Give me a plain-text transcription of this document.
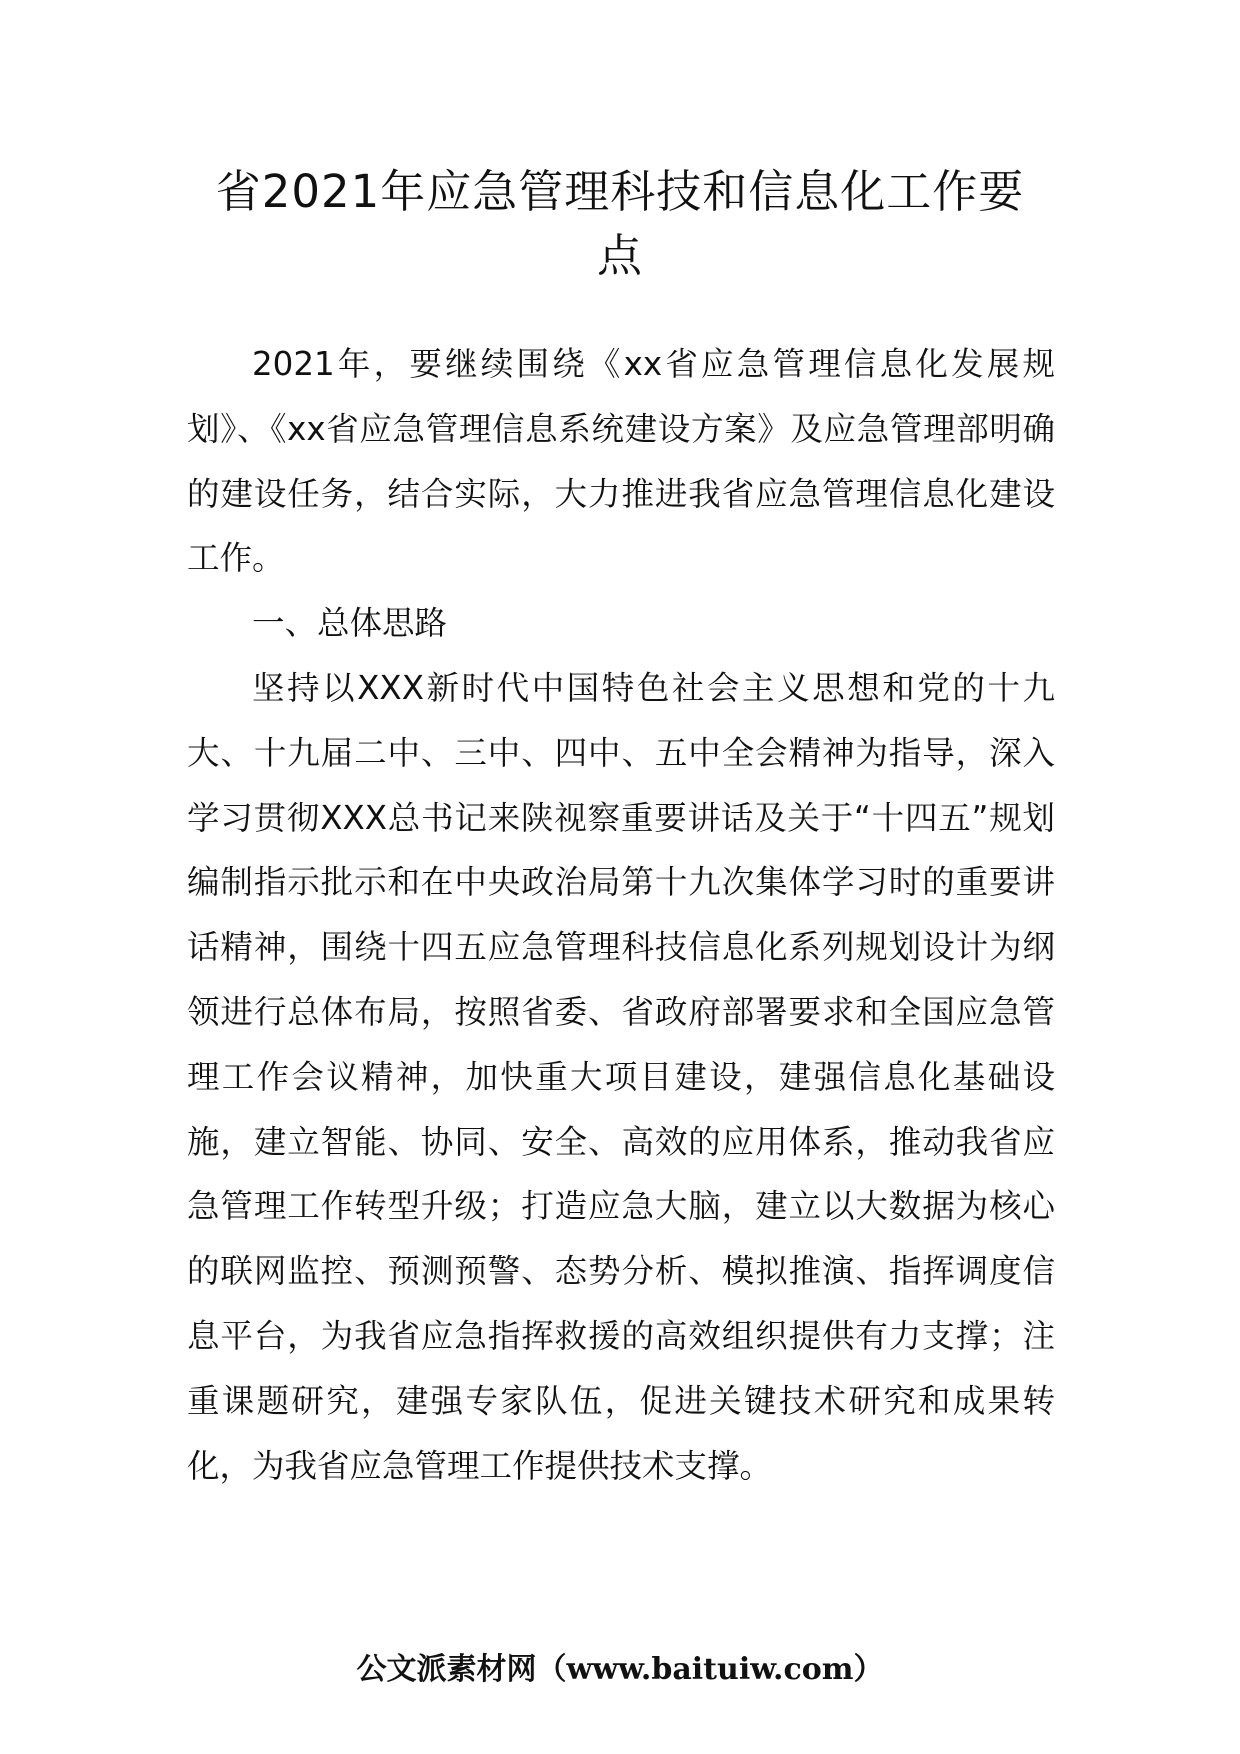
省2021年应急管理科技和信息化工作要
点

2021年，要继续围绕《xx省应急管理信息化发展规划》、《xx省应急管理信息系统建设方案》及应急管理部明确的建设任务，结合实际，大力推进我省应急管理信息化建设工作。

一、总体思路

坚持以XXX新时代中国特色社会主义思想和党的十九大、十九届二中、三中、四中、五中全会精神为指导，深入学习贯彻XXX总书记来陕视察重要讲话及关于“十四五”规划编制指示批示和在中央政治局第十九次集体学习时的重要讲话精神，围绕十四五应急管理科技信息化系列规划设计为纲领进行总体布局，按照省委、省政府部署要求和全国应急管理工作会议精神，加快重大项目建设，建强信息化基础设施，建立智能、协同、安全、高效的应用体系，推动我省应急管理工作转型升级；打造应急大脑，建立以大数据为核心的联网监控、预测预警、态势分析、模拟推演、指挥调度信息平台，为我省应急指挥救援的高效组织提供有力支撑；注重课题研究，建强专家队伍，促进关键技术研究和成果转化，为我省应急管理工作提供技术支撑。

公文派素材网（www.baituiw.com）
